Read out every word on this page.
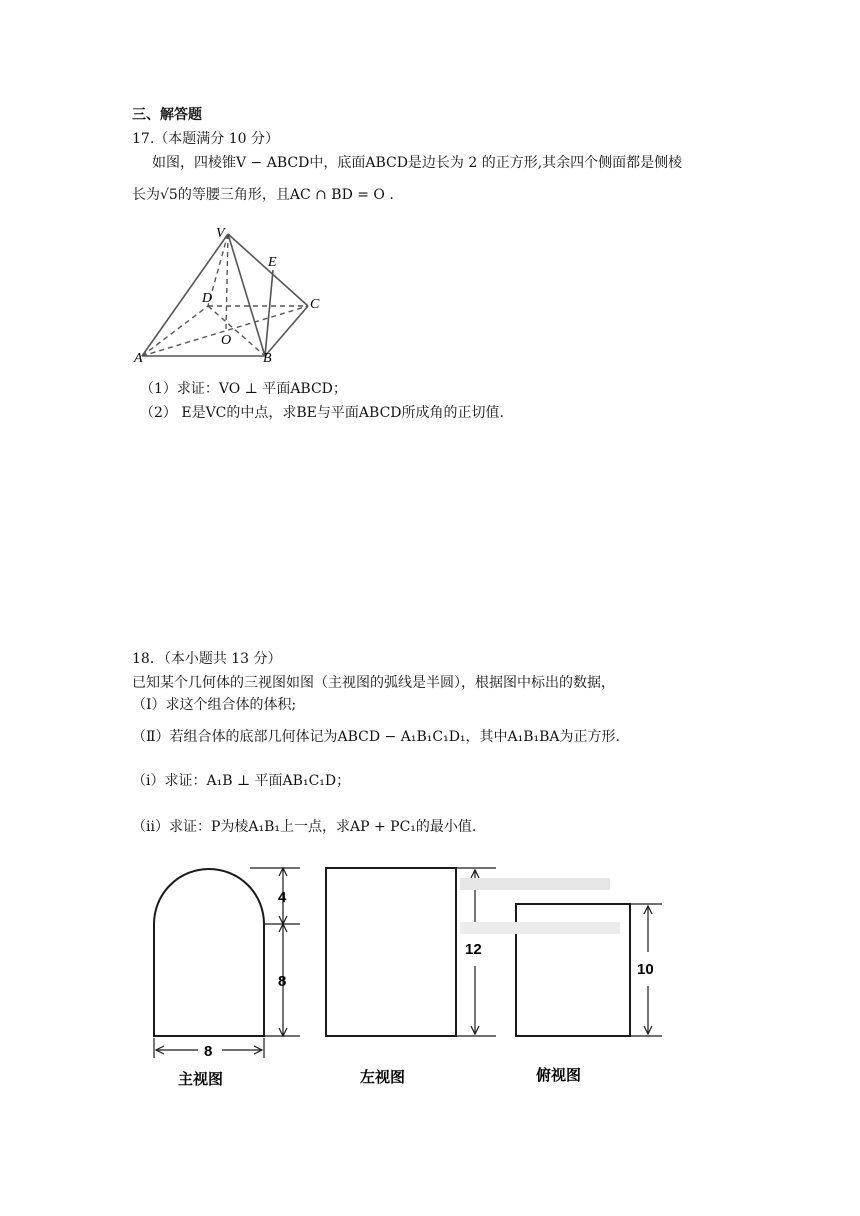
三、解答题
17.（本题满分 10 分）
如图，四棱锥V − ABCD中，底面ABCD是边长为 2 的正方形,其余四个侧面都是侧棱
长为√5的等腰三角形，且AC ∩ BD = O .
V
E
D	C
O
A	B
（1）求证：VO ⊥ 平面ABCD；
（2） E是VC的中点，求BE与平面ABCD所成角的正切值.
18．（本小题共 13 分）
已知某个几何体的三视图如图（主视图的弧线是半圆），根据图中标出的数据，
（Ⅰ）求这个组合体的体积;
（Ⅱ）若组合体的底部几何体记为ABCD − A₁B₁C₁D₁，其中A₁B₁BA为正方形.
（i）求证：A₁B ⊥ 平面AB₁C₁D；
（ii）求证：P为棱A₁B₁上一点，求AP + PC₁的最小值.
4
8
8
12
10
主视图	左视图	俯视图
